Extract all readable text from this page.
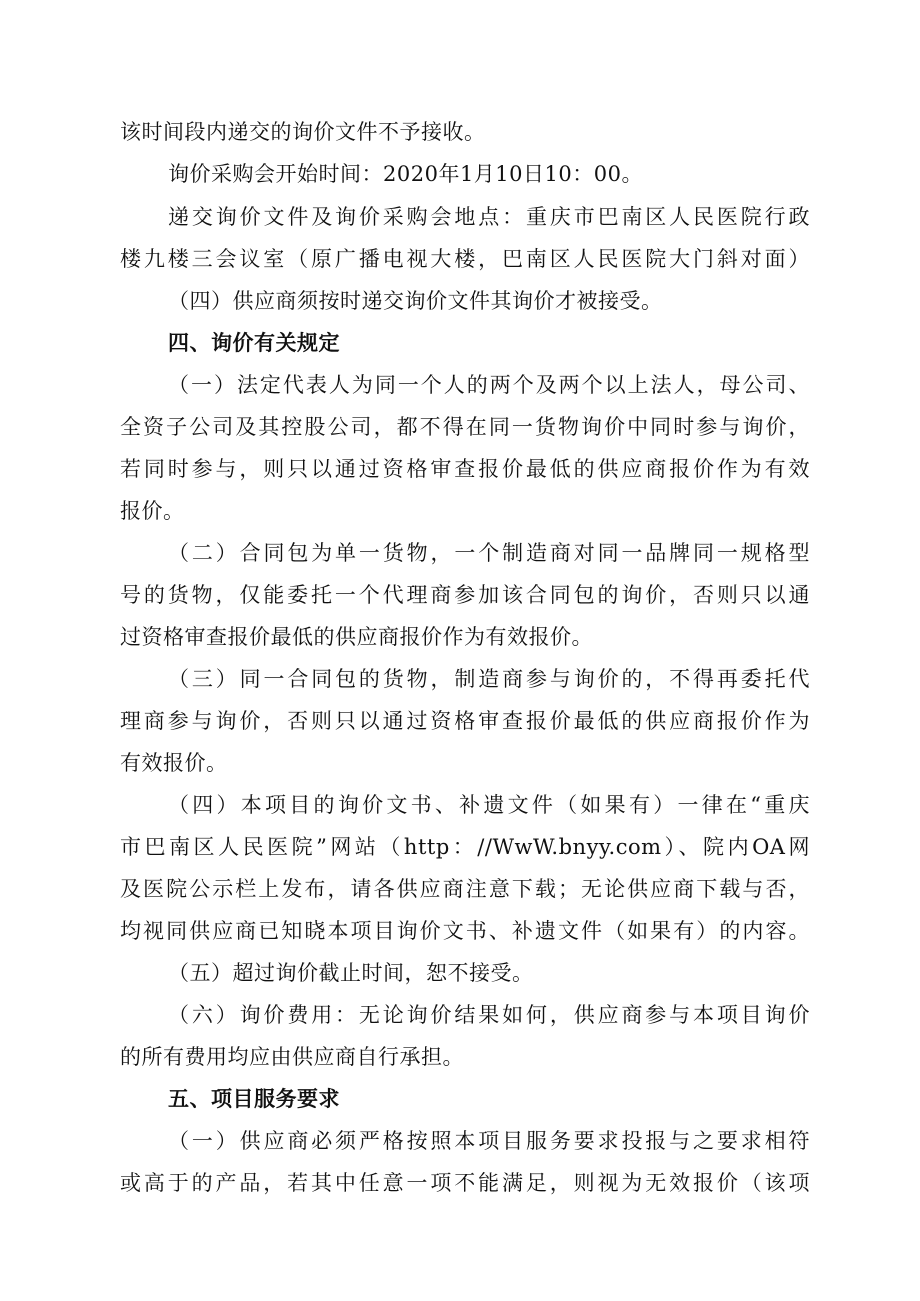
该时间段内递交的询价文件不予接收。
询价采购会开始时间：2020年1月10日10：00。
递交询价文件及询价采购会地点：重庆市巴南区人民医院行政
楼九楼三会议室（原广播电视大楼，巴南区人民医院大门斜对面）
（四）供应商须按时递交询价文件其询价才被接受。
四、询价有关规定
（一）法定代表人为同一个人的两个及两个以上法人，母公司、
全资子公司及其控股公司，都不得在同一货物询价中同时参与询价，
若同时参与，则只以通过资格审查报价最低的供应商报价作为有效
报价。
（二）合同包为单一货物，一个制造商对同一品牌同一规格型
号的货物，仅能委托一个代理商参加该合同包的询价，否则只以通
过资格审查报价最低的供应商报价作为有效报价。
（三）同一合同包的货物，制造商参与询价的，不得再委托代
理商参与询价，否则只以通过资格审查报价最低的供应商报价作为
有效报价。
（四）本项目的询价文书、补遗文件（如果有）一律在“重庆
市巴南区人民医院”网站（http：//WwW.bnyy.com）、院内OA网
及医院公示栏上发布，请各供应商注意下载；无论供应商下载与否，
均视同供应商已知晓本项目询价文书、补遗文件（如果有）的内容。
（五）超过询价截止时间，恕不接受。
（六）询价费用：无论询价结果如何，供应商参与本项目询价
的所有费用均应由供应商自行承担。
五、项目服务要求
（一）供应商必须严格按照本项目服务要求投报与之要求相符
或高于的产品，若其中任意一项不能满足，则视为无效报价（该项
